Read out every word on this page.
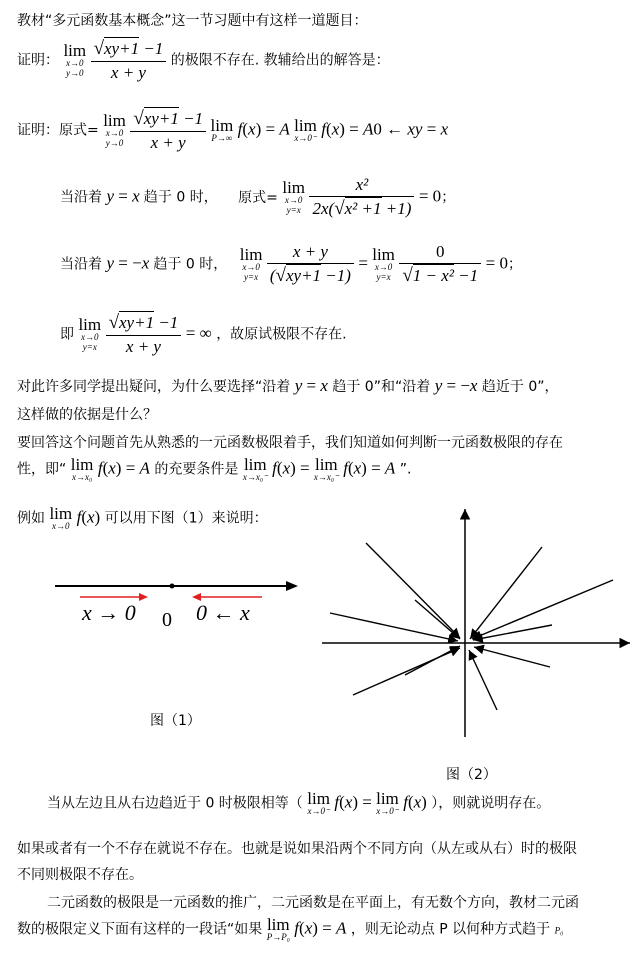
教材“多元函数基本概念”这一节习题中有这样一道题目：
证明：
lim
x→0
y→0
$\frac{√xy+1 -1}{x + y}$ 的极限不存在. 教辅给出的解答是：
证明：原式=
lim
x→0
y→0
$\frac{√xy+1 -1}{x + y}$
lim
P→∞ f(x) = A lim
x→0⁻ f(x) = A0 ← xy = x
当沿着 y = x 趋于 0 时， 原式=
lim
x→0
y=x
$\frac{\text{x²}}{\text{2x(√x² +1 +1)}} = 0$；
当沿着 y = −x 趋于 0 时，
lim
x→0
y=x
$\frac{x + y}{(√xy+1 -1)} = \lim$
x→0
y=x
$\frac{0}{\text{√1 − x² −1}} = 0$；
即
lim
x→0
y=x
$\frac{√xy+1 -1}{x + y}$ = ∞ ，故原试极限不存在.
对此许多同学提出疑问，为什么要选择“沿着 y = x 趋于 0”和“沿着 y = −x 趋近于 0”，
这样做的依据是什么？
要回答这个问题首先从熟悉的一元函数极限着手，我们知道如何判断一元函数极限的存在
性，即“ lim
x→x₀ f(x) = A 的充要条件是 lim
x→x₀⁻ f(x) = lim
x→x₀⁻ f(x) = A ”.
例如 lim
x→0 f(x) 可以用下图（1）来说明：
x → 0 0 0 ← x
图（1）
图（2）
当从左边且从右边趋近于 0 时极限相等（ lim
x→0⁻ f(x) = lim
x→0⁻ f(x) ），则就说明存在。
如果或者有一个不存在就说不存在。也就是说如果沿两个不同方向（从左或从右）时的极限
不同则极限不存在。
二元函数的极限是一元函数的推广，二元函数是在平面上，有无数个方向，教材二元函
数的极限定义下面有这样的一段话“如果 lim
P→P₀ f(x) = A ，则无论动点 P 以何种方式趋于 P₀
